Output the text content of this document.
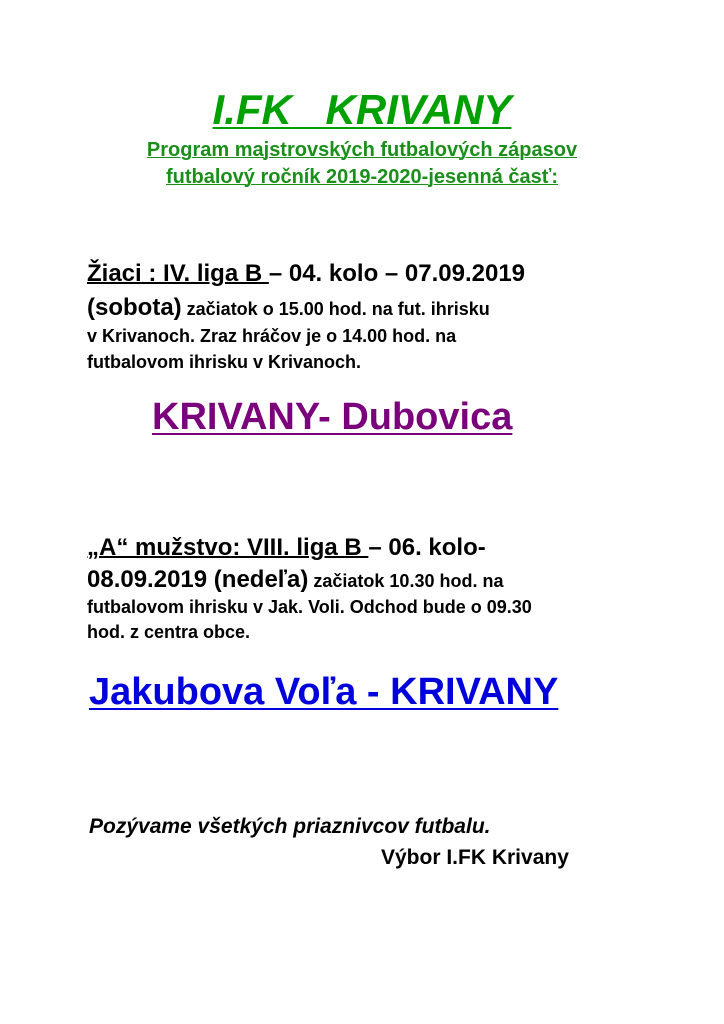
I.FK KRIVANY
Program majstrovských futbalových zápasov
futbalový ročník 2019-2020-jesenná časť:
Žiaci : IV. liga B – 04. kolo – 07.09.2019
(sobota) začiatok o 15.00 hod. na fut. ihrisku
v Krivanoch. Zraz hráčov je o 14.00 hod. na
futbalovom ihrisku v Krivanoch.
KRIVANY- Dubovica
„A“ mužstvo: VIII. liga B – 06. kolo-
08.09.2019 (nedeľa) začiatok 10.30 hod. na
futbalovom ihrisku v Jak. Voli. Odchod bude o 09.30
hod. z centra obce.
Jakubova Voľa - KRIVANY
Pozývame všetkých priaznivcov futbalu.
Výbor I.FK Krivany
